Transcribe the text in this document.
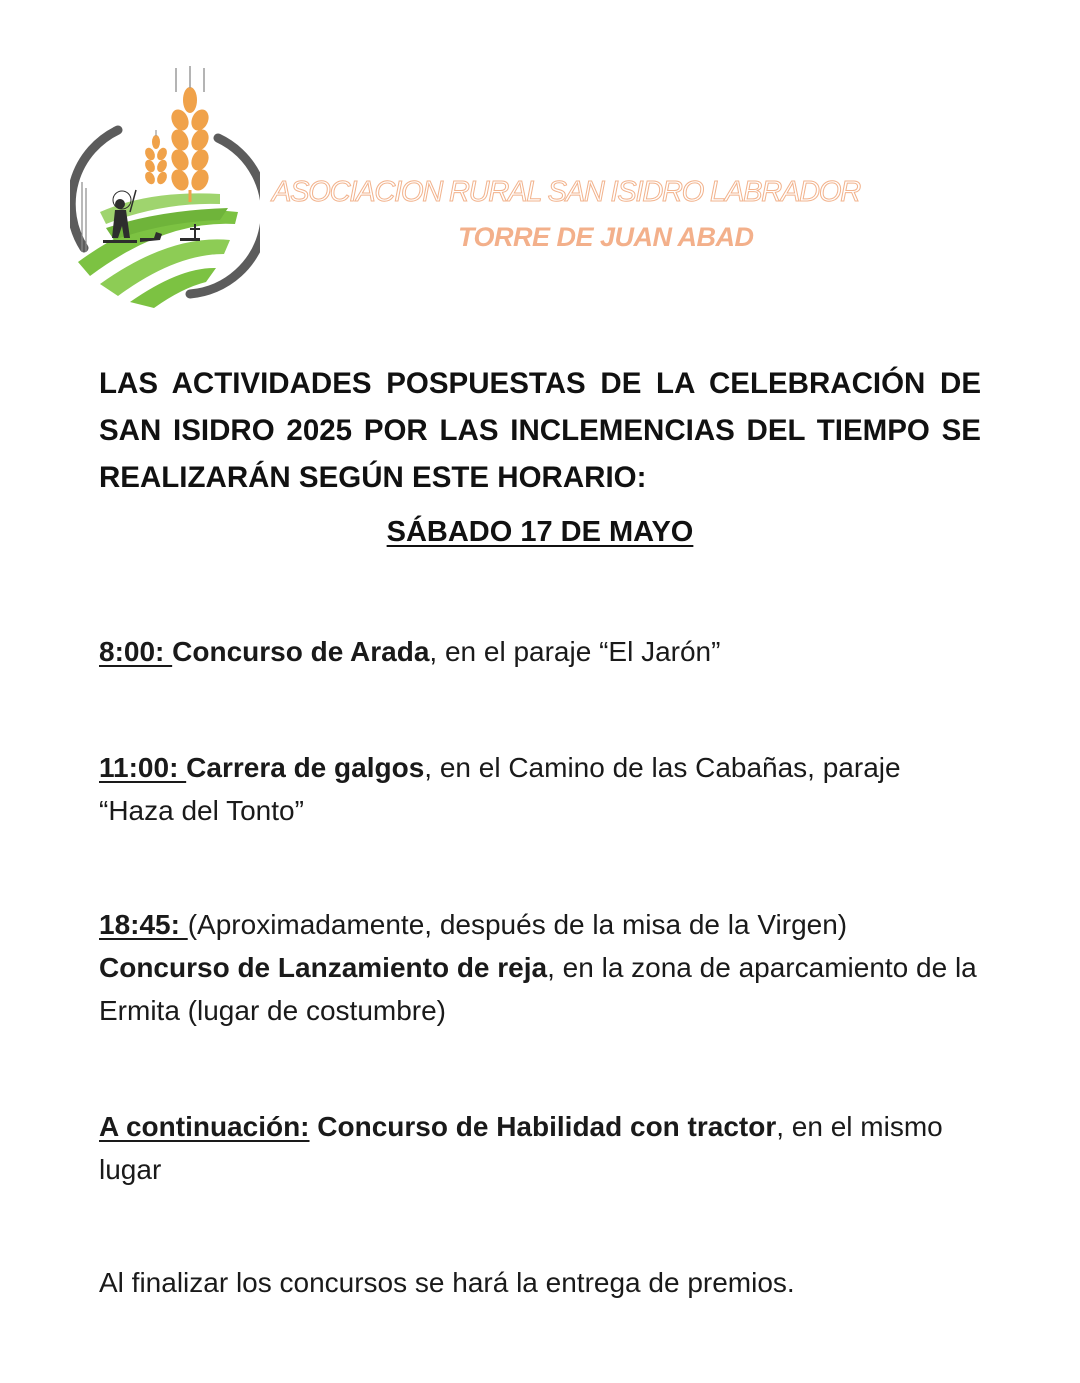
ASOCIACION RURAL SAN ISIDRO LABRADOR
TORRE DE JUAN ABAD
LAS ACTIVIDADES POSPUESTAS DE LA CELEBRACIÓN DE SAN ISIDRO 2025 POR LAS INCLEMENCIAS DEL TIEMPO SE REALIZARÁN SEGÚN ESTE HORARIO:
SÁBADO 17 DE MAYO
8:00: Concurso de Arada, en el paraje “El Jarón”
11:00: Carrera de galgos, en el Camino de las Cabañas, paraje “Haza del Tonto”
18:45: (Aproximadamente, después de la misa de la Virgen)
Concurso de Lanzamiento de reja, en la zona de aparcamiento de la Ermita (lugar de costumbre)
A continuación: Concurso de Habilidad con tractor, en el mismo lugar
Al finalizar los concursos se hará la entrega de premios.
